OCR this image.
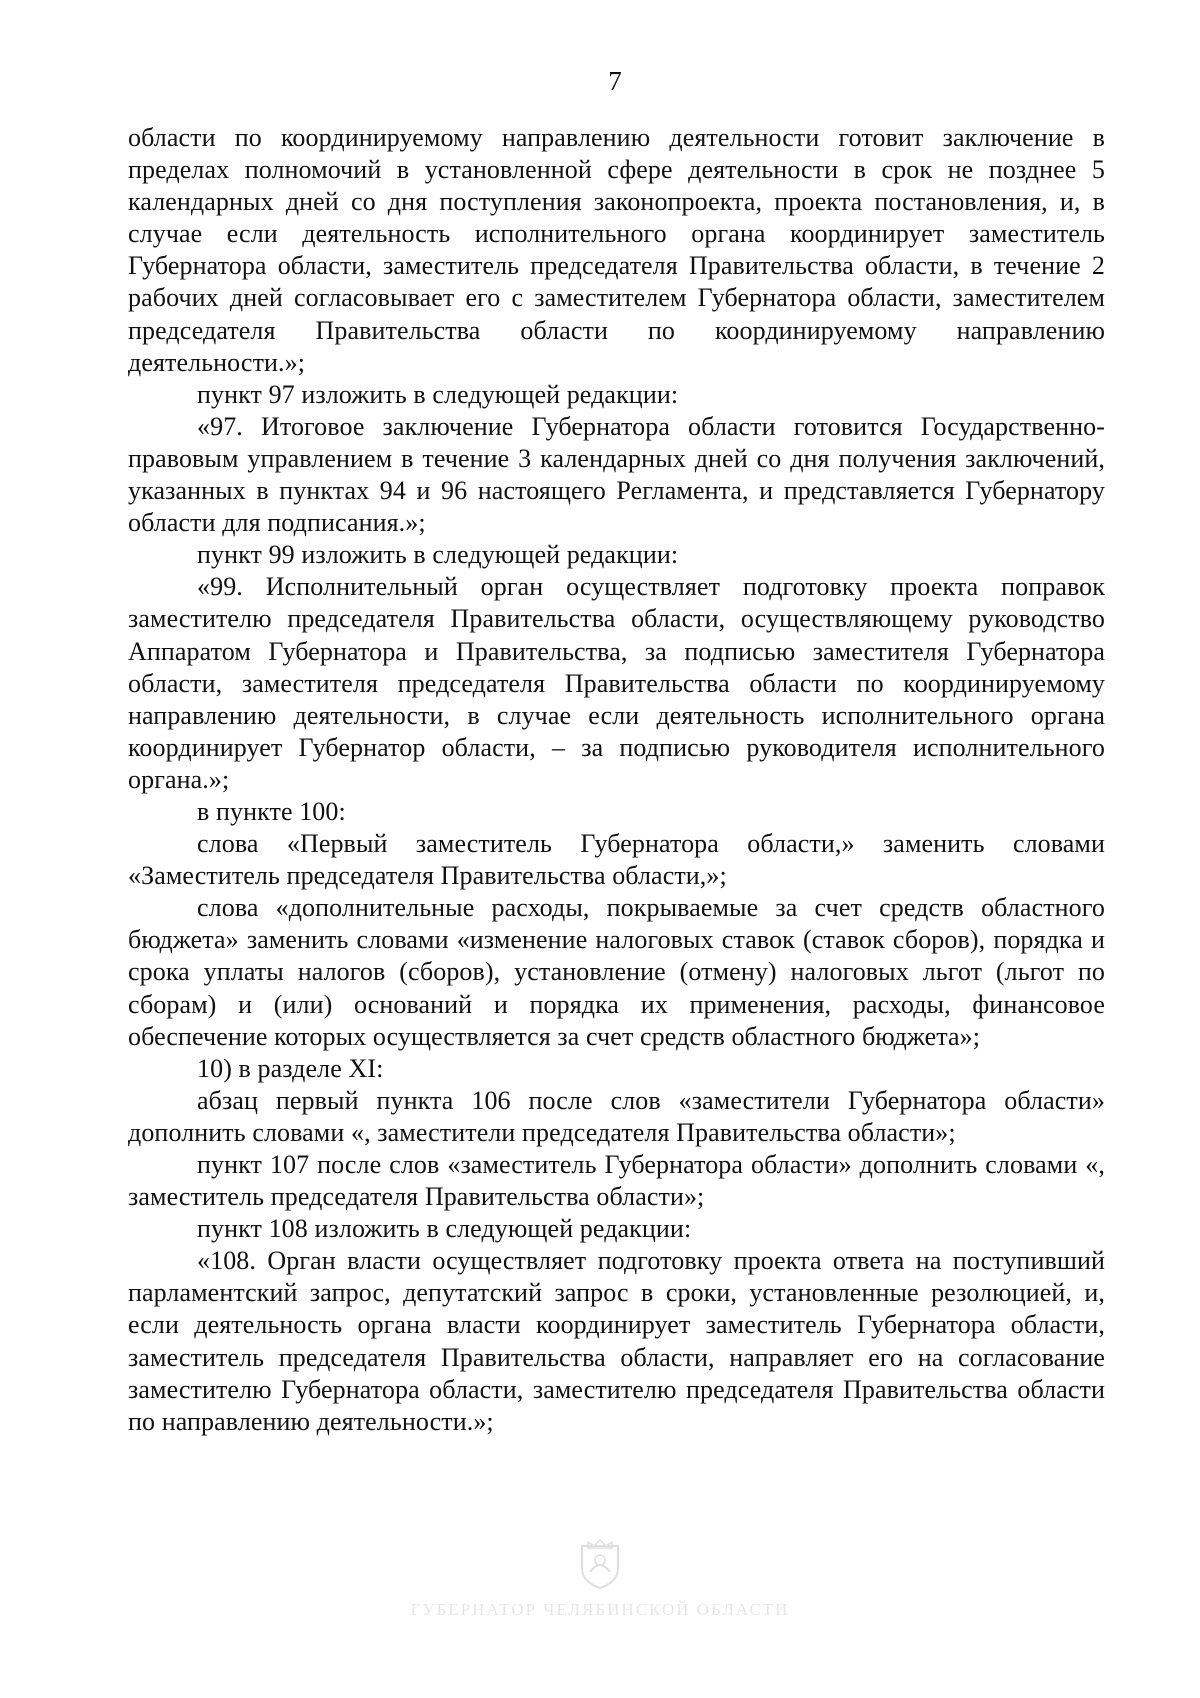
7

области по координируемому направлению деятельности готовит заключение в пределах полномочий в установленной сфере деятельности в срок не позднее 5 календарных дней со дня поступления законопроекта, проекта постановления, и, в случае если деятельность исполнительного органа координирует заместитель Губернатора области, заместитель председателя Правительства области, в течение 2 рабочих дней согласовывает его с заместителем Губернатора области, заместителем председателя Правительства области по координируемому направлению деятельности.»;

пункт 97 изложить в следующей редакции:

«97. Итоговое заключение Губернатора области готовится Государственно-правовым управлением в течение 3 календарных дней со дня получения заключений, указанных в пунктах 94 и 96 настоящего Регламента, и представляется Губернатору области для подписания.»;

пункт 99 изложить в следующей редакции:

«99. Исполнительный орган осуществляет подготовку проекта поправок заместителю председателя Правительства области, осуществляющему руководство Аппаратом Губернатора и Правительства, за подписью заместителя Губернатора области, заместителя председателя Правительства области по координируемому направлению деятельности, в случае если деятельность исполнительного органа координирует Губернатор области, – за подписью руководителя исполнительного органа.»;

в пункте 100:

слова «Первый заместитель Губернатора области,» заменить словами «Заместитель председателя Правительства области,»;

слова «дополнительные расходы, покрываемые за счет средств областного бюджета» заменить словами «изменение налоговых ставок (ставок сборов), порядка и срока уплаты налогов (сборов), установление (отмену) налоговых льгот (льгот по сборам) и (или) оснований и порядка их применения, расходы, финансовое обеспечение которых осуществляется за счет средств областного бюджета»;

10) в разделе XI:

абзац первый пункта 106 после слов «заместители Губернатора области» дополнить словами «, заместители председателя Правительства области»;

пункт 107 после слов «заместитель Губернатора области» дополнить словами «, заместитель председателя Правительства области»;

пункт 108 изложить в следующей редакции:

«108. Орган власти осуществляет подготовку проекта ответа на поступивший парламентский запрос, депутатский запрос в сроки, установленные резолюцией, и, если деятельность органа власти координирует заместитель Губернатора области, заместитель председателя Правительства области, направляет его на согласование заместителю Губернатора области, заместителю председателя Правительства области по направлению деятельности.»;

ГУБЕРНАТОР ЧЕЛЯБИНСКОЙ ОБЛАСТИ
